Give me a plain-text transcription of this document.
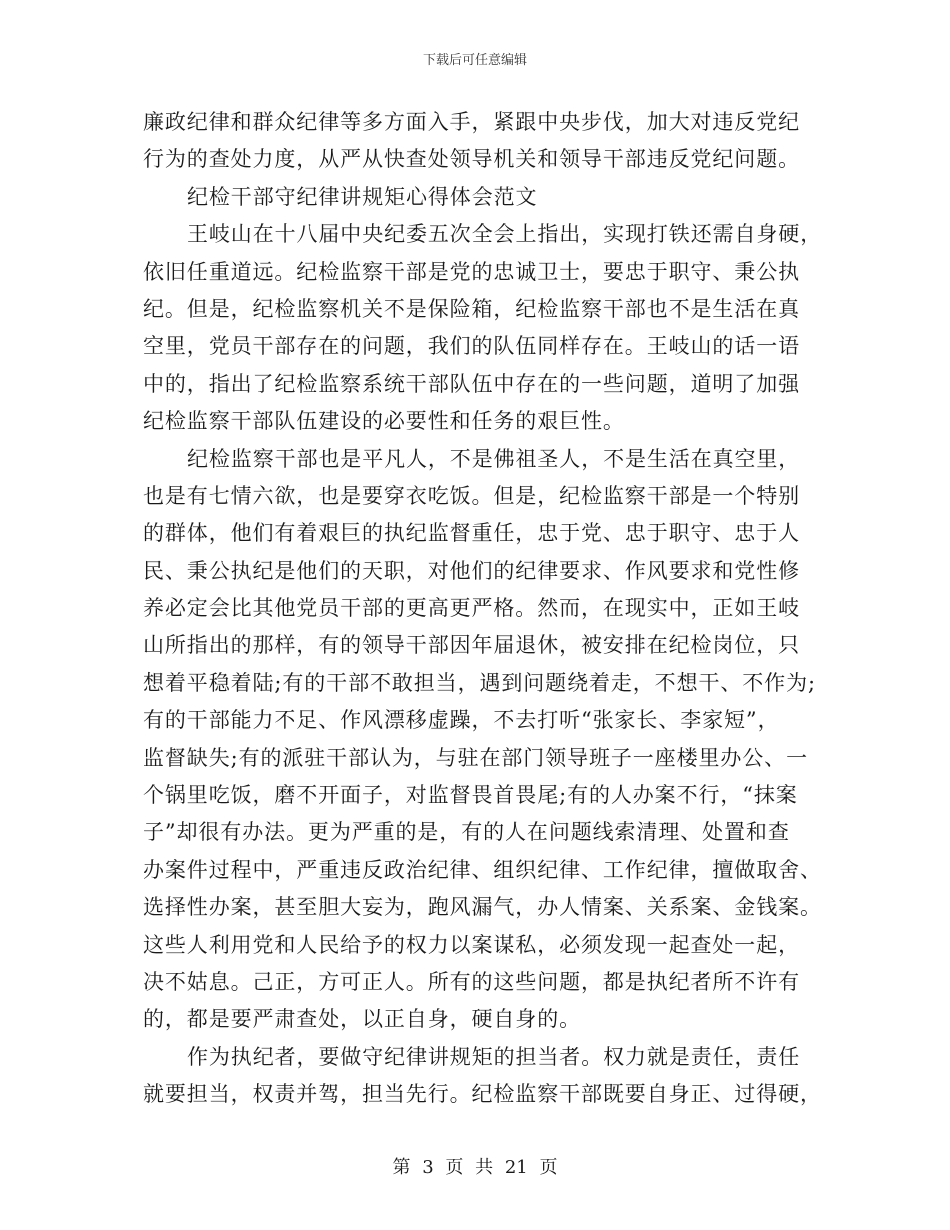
下载后可任意编辑
廉政纪律和群众纪律等多方面入手，紧跟中央步伐，加大对违反党纪
行为的查处力度，从严从快查处领导机关和领导干部违反党纪问题。
纪检干部守纪律讲规矩心得体会范文
王岐山在十八届中央纪委五次全会上指出，实现打铁还需自身硬，
依旧任重道远。纪检监察干部是党的忠诚卫士，要忠于职守、秉公执
纪。但是，纪检监察机关不是保险箱，纪检监察干部也不是生活在真
空里，党员干部存在的问题，我们的队伍同样存在。王岐山的话一语
中的，指出了纪检监察系统干部队伍中存在的一些问题，道明了加强
纪检监察干部队伍建设的必要性和任务的艰巨性。
纪检监察干部也是平凡人，不是佛祖圣人，不是生活在真空里，
也是有七情六欲，也是要穿衣吃饭。但是，纪检监察干部是一个特别
的群体，他们有着艰巨的执纪监督重任，忠于党、忠于职守、忠于人
民、秉公执纪是他们的天职，对他们的纪律要求、作风要求和党性修
养必定会比其他党员干部的更高更严格。然而，在现实中，正如王岐
山所指出的那样，有的领导干部因年届退休，被安排在纪检岗位，只
想着平稳着陆;有的干部不敢担当，遇到问题绕着走，不想干、不作为;
有的干部能力不足、作风漂移虚躁，不去打听“张家长、李家短”，
监督缺失;有的派驻干部认为，与驻在部门领导班子一座楼里办公、一
个锅里吃饭，磨不开面子，对监督畏首畏尾;有的人办案不行，“抹案
子”却很有办法。更为严重的是，有的人在问题线索清理、处置和查
办案件过程中，严重违反政治纪律、组织纪律、工作纪律，擅做取舍、
选择性办案，甚至胆大妄为，跑风漏气，办人情案、关系案、金钱案。
这些人利用党和人民给予的权力以案谋私，必须发现一起查处一起，
决不姑息。己正，方可正人。所有的这些问题，都是执纪者所不许有
的，都是要严肃查处，以正自身，硬自身的。
作为执纪者，要做守纪律讲规矩的担当者。权力就是责任，责任
就要担当，权责并驾，担当先行。纪检监察干部既要自身正、过得硬，
第 3 页 共 21 页
